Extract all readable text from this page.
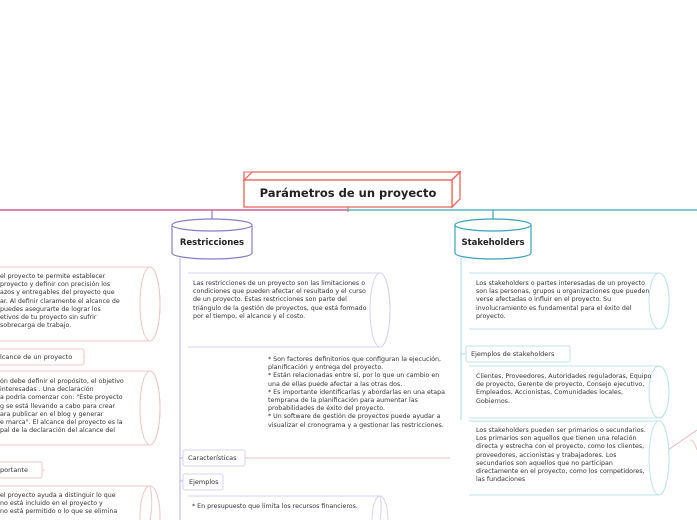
Parámetros de un proyecto
Restricciones
Las restricciones de un proyecto son las limitaciones o condiciones que pueden afectar el resultado y el curso de un proyecto. Estas restricciones son parte del triángulo de la gestión de proyectos, que está formado por el tiempo, el alcance y el costo.
* Son factores definitorios que configuran la ejecución, planificación y entrega del proyecto.
* Están relacionadas entre sí, por lo que un cambio en una de ellas puede afectar a las otras dos.
* Es importante identificarlas y abordarlas en una etapa temprana de la planificación para aumentar las probabilidades de éxito del proyecto.
* Un software de gestión de proyectos puede ayudar a visualizar el cronograma y a gestionar las restricciones.
Características
Ejemplos
* En presupuesto que limita los recursos financieros.
Stakeholders
Los stakeholders o partes interesadas de un proyecto son las personas, grupos u organizaciones que pueden verse afectadas o influir en el proyecto. Su involucramiento es fundamental para el éxito del proyecto.
Ejemplos de stakeholders
Clientes, Proveedores, Autoridades reguladoras, Equipo de proyecto, Gerente de proyecto, Consejo ejecutivo, Empleados, Accionistas, Comunidades locales, Gobiernos.
Los stakeholders pueden ser primarios o secundarios. Los primarios son aquellos que tienen una relación directa y estrecha con el proyecto, como los clientes, proveedores, accionistas y trabajadores. Los secundarios son aquellos que no participan directamente en el proyecto, como los competidores, las fundaciones
el proyecto te permite establecer
proyecto y definir con precisión los
azos y entregables del proyecto que
ar. Al definir claramente el alcance de
puedes asegurarte de lograr los
etivos de tu proyecto sin sufrir
sobrecarga de trabajo.
lcance de un proyecto
ón debe definir el propósito, el objetivo
interesadas . Una declaración
a podría comenzar con: "Este proyecto
g se está llevando a cabo para crear
ara publicar en el blog y generar
e marca". El alcance del proyecto es la
pal de la declaración del alcance del
portante
el proyecto ayuda a distinguir lo que
no está incluido en el proyecto y
no está permitido o lo que se elimina
